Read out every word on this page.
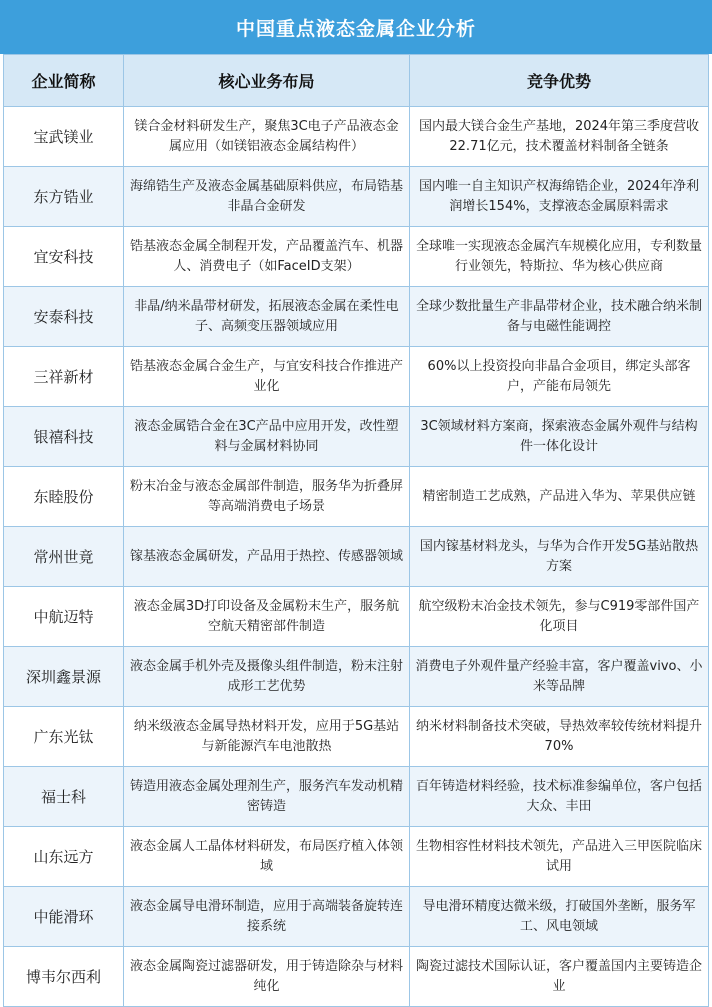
中国重点液态金属企业分析
企业简称	核心业务布局	竞争优势
宝武镁业	镁合金材料研发生产，聚焦3C电子产品液态金属应用（如镁铝液态金属结构件）	国内最大镁合金生产基地，2024年第三季度营收22.71亿元，技术覆盖材料制备全链条
东方锆业	海绵锆生产及液态金属基础原料供应，布局锆基非晶合金研发	国内唯一自主知识产权海绵锆企业，2024年净利润增长154%，支撑液态金属原料需求
宜安科技	锆基液态金属全制程开发，产品覆盖汽车、机器人、消费电子（如FaceID支架）	全球唯一实现液态金属汽车规模化应用，专利数量行业领先，特斯拉、华为核心供应商
安泰科技	非晶/纳米晶带材研发，拓展液态金属在柔性电子、高频变压器领域应用	全球少数批量生产非晶带材企业，技术融合纳米制备与电磁性能调控
三祥新材	锆基液态金属合金生产，与宜安科技合作推进产业化	60%以上投资投向非晶合金项目，绑定头部客户，产能布局领先
银禧科技	液态金属锆合金在3C产品中应用开发，改性塑料与金属材料协同	3C领域材料方案商，探索液态金属外观件与结构件一体化设计
东睦股份	粉末冶金与液态金属部件制造，服务华为折叠屏等高端消费电子场景	精密制造工艺成熟，产品进入华为、苹果供应链
常州世竟	镓基液态金属研发，产品用于热控、传感器领域	国内镓基材料龙头，与华为合作开发5G基站散热方案
中航迈特	液态金属3D打印设备及金属粉末生产，服务航空航天精密部件制造	航空级粉末冶金技术领先，参与C919零部件国产化项目
深圳鑫景源	液态金属手机外壳及摄像头组件制造，粉末注射成形工艺优势	消费电子外观件量产经验丰富，客户覆盖vivo、小米等品牌
广东光钛	纳米级液态金属导热材料开发，应用于5G基站与新能源汽车电池散热	纳米材料制备技术突破，导热效率较传统材料提升70%
福士科	铸造用液态金属处理剂生产，服务汽车发动机精密铸造	百年铸造材料经验，技术标准参编单位，客户包括大众、丰田
山东远方	液态金属人工晶体材料研发，布局医疗植入体领域	生物相容性材料技术领先，产品进入三甲医院临床试用
中能滑环	液态金属导电滑环制造，应用于高端装备旋转连接系统	导电滑环精度达微米级，打破国外垄断，服务军工、风电领域
博韦尔西利	液态金属陶瓷过滤器研发，用于铸造除杂与材料纯化	陶瓷过滤技术国际认证，客户覆盖国内主要铸造企业
